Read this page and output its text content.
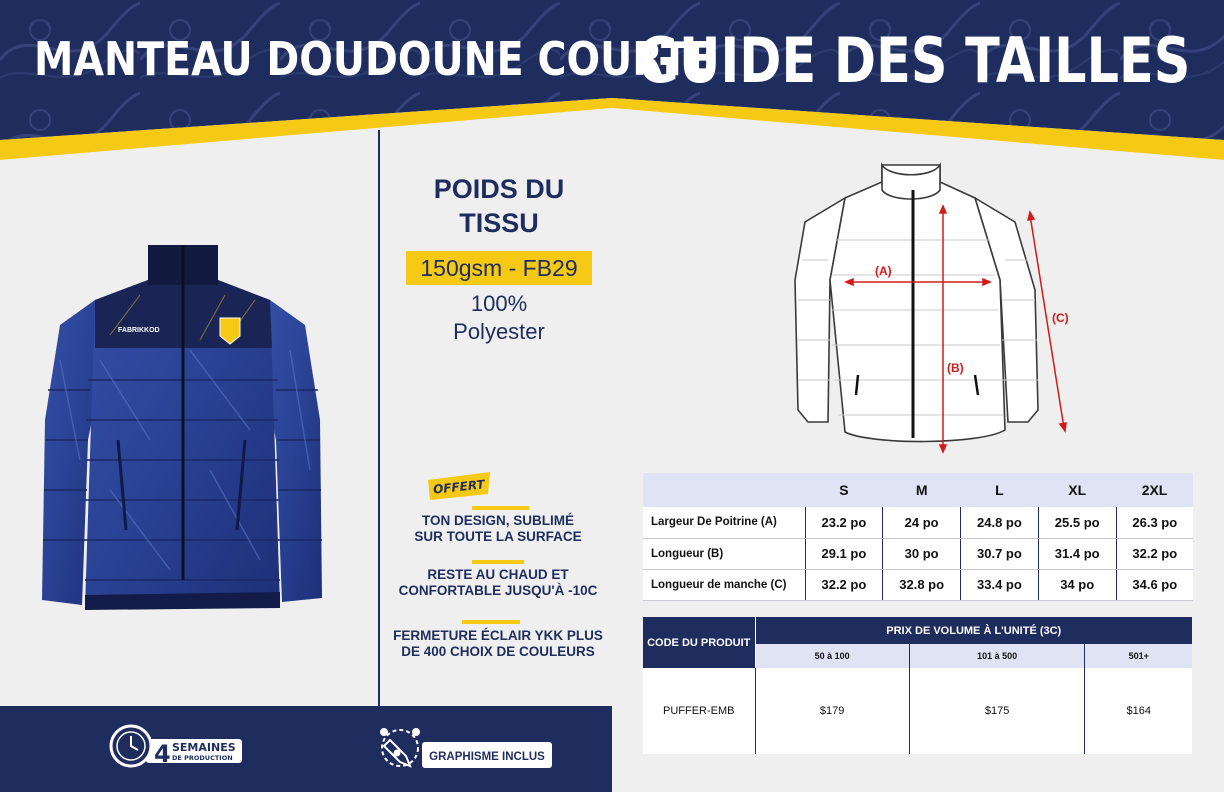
MANTEAU DOUDOUNE COURTE
GUIDE DES TAILLES
FABRIKKOD
POIDS DU
TISSU
150gsm - FB29
100%
Polyester
OFFERT
TON DESIGN, SUBLIMÉ
SUR TOUTE LA SURFACE
RESTE AU CHAUD ET
CONFORTABLE JUSQU'À -10C
FERMETURE ÉCLAIR YKK PLUS
DE 400 CHOIX DE COULEURS
4 SEMAINES
DE PRODUCTION	GRAPHISME INCLUS
(A)
(B)
(C)
	S	M	L	XL	2XL
Largeur De Poitrine (A)	23.2 po	24 po	24.8 po	25.5 po	26.3 po
Longueur (B)	29.1 po	30 po	30.7 po	31.4 po	32.2 po
Longueur de manche (C)	32.2 po	32.8 po	33.4 po	34 po	34.6 po
CODE DU PRODUIT	PRIX DE VOLUME À L'UNITÉ (3C)		
	50 à 100	101 à 500	501+
PUFFER-EMB	$179	$175	$164
